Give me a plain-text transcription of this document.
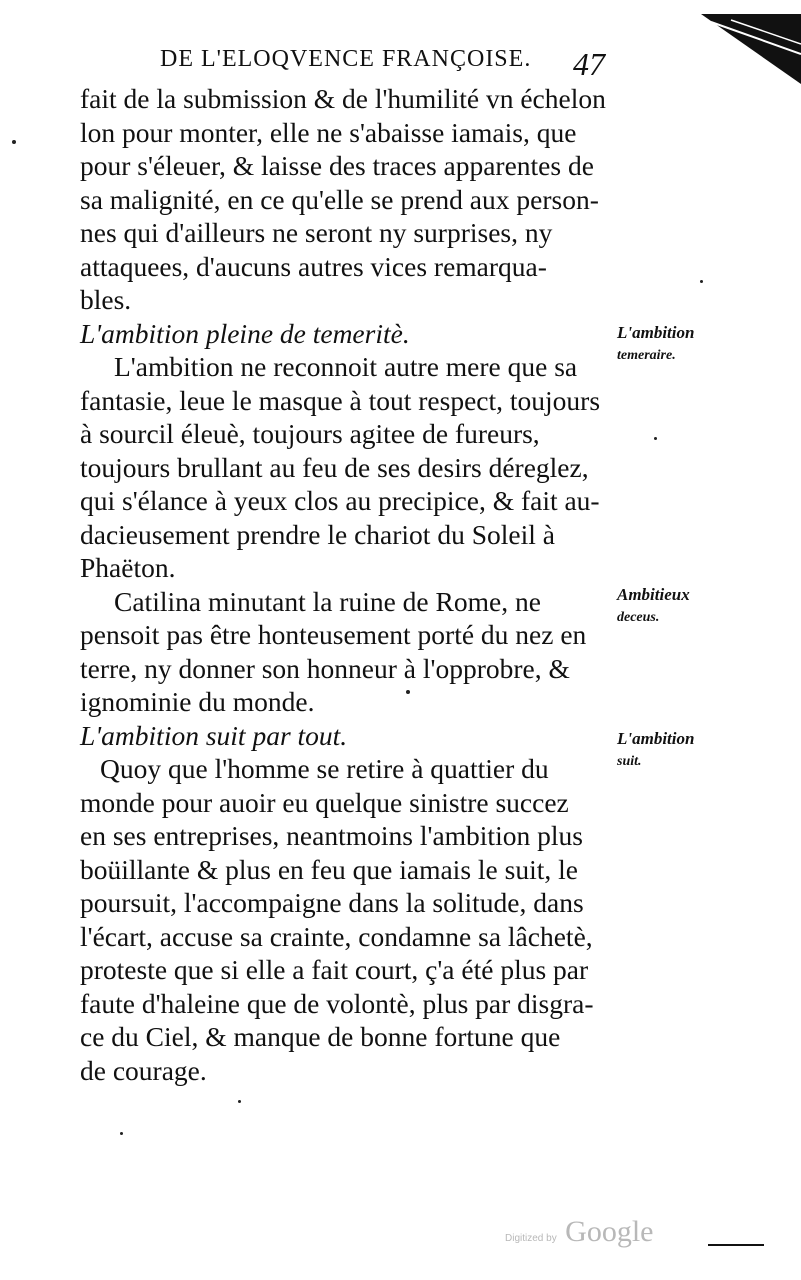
DE L'ELOQVENCE FRANÇOISE. 47
fait de la submission & de l'humilité vn échelon
lon pour monter, elle ne s'abaisse iamais, que
pour s'éleuer, & laisse des traces apparentes de
sa malignité, en ce qu'elle se prend aux person-
nes qui d'ailleurs ne seront ny surprises, ny
attaquees, d'aucuns autres vices remarqua-
bles.
L'ambition pleine de temeritè.
L'ambition ne reconnoit autre mere que sa
fantasie, leue le masque à tout respect, toujours
à sourcil éleuè, toujours agitee de fureurs,
toujours brullant au feu de ses desirs déreglez,
qui s'élance à yeux clos au precipice, & fait au-
dacieusement prendre le chariot du Soleil à
Phaëton.
Catilina minutant la ruine de Rome, ne
pensoit pas être honteusement porté du nez en
terre, ny donner son honneur à l'opprobre, &
ignominie du monde.
L'ambition suit par tout.
Quoy que l'homme se retire à quattier du
monde pour auoir eu quelque sinistre succez
en ses entreprises, neantmoins l'ambition plus
boüillante & plus en feu que iamais le suit, le
poursuit, l'accompaigne dans la solitude, dans
l'écart, accuse sa crainte, condamne sa lâchetè,
proteste que si elle a fait court, ç'a été plus par
faute d'haleine que de volontè, plus par disgra-
ce du Ciel, & manque de bonne fortune que
de courage.
L'ambition
temeraire.
Ambitieux
deceus.
L'ambition
suit.
Digitized by Google
